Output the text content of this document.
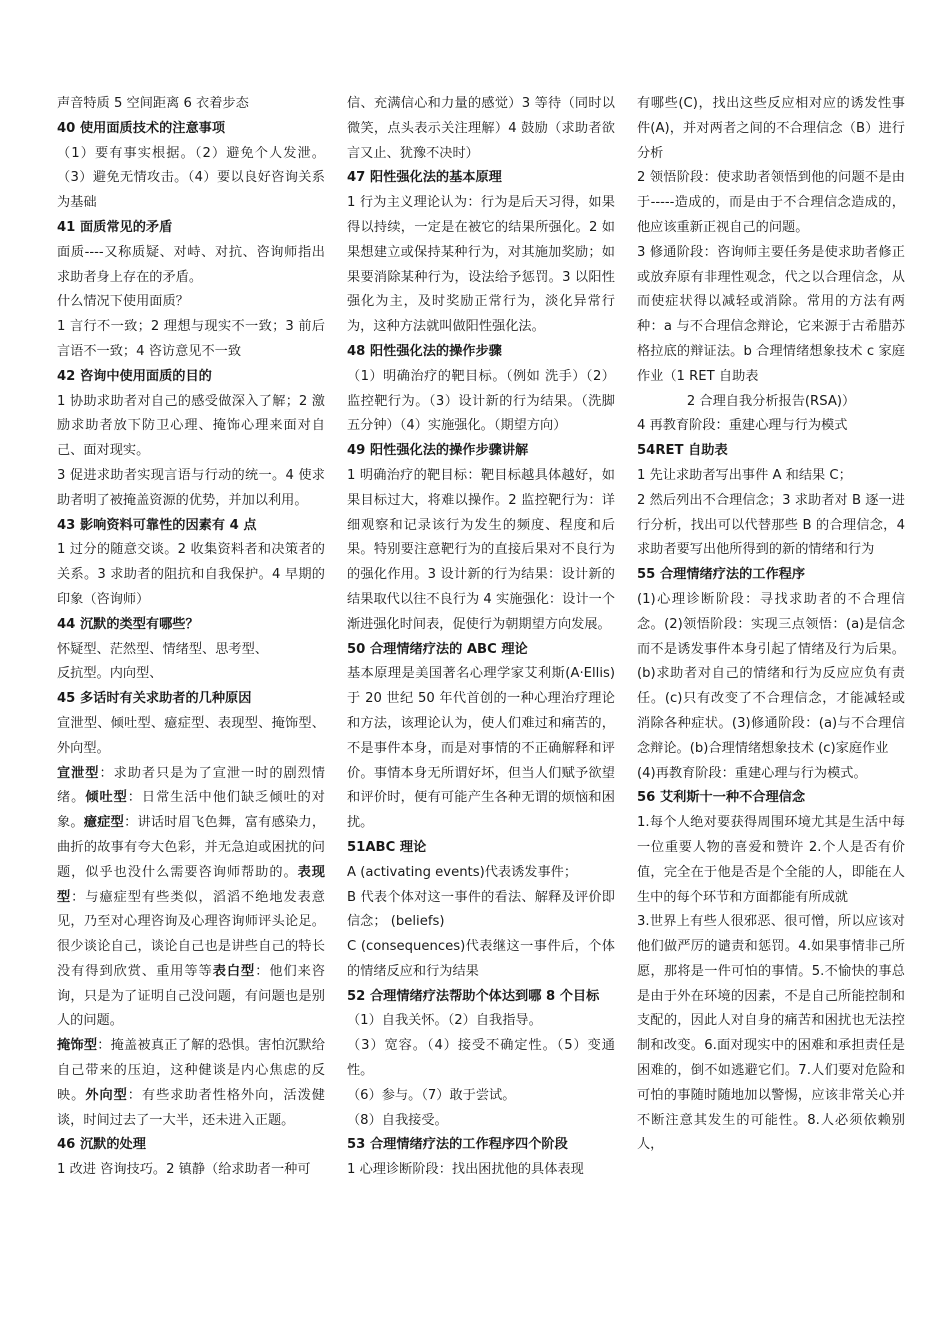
声音特质 5 空间距离 6 衣着步态

40 使用面质技术的注意事项

（1）要有事实根据。（2）避免个人发泄。（3）避免无情攻击。（4）要以良好咨询关系为基础

41 面质常见的矛盾

面质----又称质疑、对峙、对抗、咨询师指出求助者身上存在的矛盾。

什么情况下使用面质？

1 言行不一致；2 理想与现实不一致；3 前后言语不一致；4 咨访意见不一致

42 咨询中使用面质的目的

1 协助求助者对自己的感受做深入了解；2 激励求助者放下防卫心理、掩饰心理来面对自己、面对现实。

3 促进求助者实现言语与行动的统一。4 使求助者明了被掩盖资源的优势，并加以利用。

43 影响资料可靠性的因素有 4 点

1 过分的随意交谈。2 收集资料者和决策者的关系。3 求助者的阻抗和自我保护。4 早期的印象（咨询师）

44 沉默的类型有哪些？

怀疑型、茫然型、情绪型、思考型、

反抗型。内向型、

45 多话时有关求助者的几种原因

宣泄型、倾吐型、癔症型、表现型、掩饰型、外向型。

宣泄型：求助者只是为了宣泄一时的剧烈情绪。倾吐型：日常生活中他们缺乏倾吐的对象。癔症型：讲话时眉飞色舞，富有感染力，曲折的故事有夸大色彩，并无急迫或困扰的问题，似乎也没什么需要咨询师帮助的。表现型：与癔症型有些类似，滔滔不绝地发表意见，乃至对心理咨询及心理咨询师评头论足。很少谈论自己，谈论自己也是讲些自己的特长没有得到欣赏、重用等等表白型：他们来咨询，只是为了证明自己没问题，有问题也是别人的问题。

掩饰型：掩盖被真正了解的恐惧。害怕沉默给自己带来的压迫，这种健谈是内心焦虑的反映。外向型：有些求助者性格外向，活泼健谈，时间过去了一大半，还未进入正题。

46 沉默的处理

1 改进 咨询技巧。2 镇静（给求助者一种可

信、充满信心和力量的感觉）3 等待（同时以微笑，点头表示关注理解）4 鼓励（求助者欲言又止、犹豫不决时）

47 阳性强化法的基本原理

1 行为主义理论认为：行为是后天习得，如果得以持续，一定是在被它的结果所强化。2 如果想建立或保持某种行为，对其施加奖励；如果要消除某种行为，设法给予惩罚。3 以阳性强化为主，及时奖励正常行为，淡化异常行为，这种方法就叫做阳性强化法。

48 阳性强化法的操作步骤

（1）明确治疗的靶目标。（例如 洗手）（2）监控靶行为。（3）设计新的行为结果。（洗脚五分钟）（4）实施强化。（期望方向）

49 阳性强化法的操作步骤讲解

1 明确治疗的靶目标：靶目标越具体越好，如果目标过大，将难以操作。2 监控靶行为：详细观察和记录该行为发生的频度、程度和后果。特别要注意靶行为的直接后果对不良行为的强化作用。3 设计新的行为结果：设计新的结果取代以往不良行为 4 实施强化：设计一个渐进强化时间表，促使行为朝期望方向发展。

50 合理情绪疗法的 ABC 理论

基本原理是美国著名心理学家艾利斯(A·Ellis) 于 20 世纪 50 年代首创的一种心理治疗理论和方法，该理论认为，使人们难过和痛苦的，不是事件本身，而是对事情的不正确解释和评价。事情本身无所谓好坏，但当人们赋予欲望和评价时，便有可能产生各种无谓的烦恼和困扰。

51ABC 理论

A (activating events)代表诱发事件；

B 代表个体对这一事件的看法、解释及评价即信念； (beliefs)

C (consequences)代表继这一事件后，个体的情绪反应和行为结果

52 合理情绪疗法帮助个体达到哪 8 个目标

（1）自我关怀。（2）自我指导。

（3）宽容。（4）接受不确定性。（5）变通性。

（6）参与。（7）敢于尝试。

（8）自我接受。

53 合理情绪疗法的工作程序四个阶段

1 心理诊断阶段：找出困扰他的具体表现

有哪些(C)，找出这些反应相对应的诱发性事件(A)，并对两者之间的不合理信念（B）进行分析

2 领悟阶段：使求助者领悟到他的问题不是由于-----造成的，而是由于不合理信念造成的，他应该重新正视自己的问题。

3 修通阶段：咨询师主要任务是使求助者修正或放弃原有非理性观念，代之以合理信念，从而使症状得以减轻或消除。常用的方法有两种：a 与不合理信念辩论，它来源于古希腊苏格拉底的辩证法。b 合理情绪想象技术 c 家庭作业（1 RET 自助表

2 合理自我分析报告(RSA)）

4 再教育阶段：重建心理与行为模式

54RET 自助表

1 先让求助者写出事件 A 和结果 C；

2 然后列出不合理信念；3 求助者对 B 逐一进行分析，找出可以代替那些 B 的合理信念，4 求助者要写出他所得到的新的情绪和行为

55 合理情绪疗法的工作程序

(1)心理诊断阶段：寻找求助者的不合理信念。(2)领悟阶段：实现三点领悟：(a)是信念而不是诱发事件本身引起了情绪及行为后果。 (b)求助者对自己的情绪和行为反应应负有责任。(c)只有改变了不合理信念，才能减轻或消除各种症状。(3)修通阶段：(a)与不合理信念辩论。(b)合理情绪想象技术 (c)家庭作业

(4)再教育阶段：重建心理与行为模式。

56 艾利斯十一种不合理信念

1.每个人绝对要获得周围环境尤其是生活中每一位重要人物的喜爱和赞许 2.个人是否有价值，完全在于他是否是个全能的人，即能在人生中的每个环节和方面都能有所成就

3.世界上有些人很邪恶、很可憎，所以应该对他们做严厉的谴责和惩罚。4.如果事情非己所愿，那将是一件可怕的事情。5.不愉快的事总是由于外在环境的因素，不是自己所能控制和支配的，因此人对自身的痛苦和困扰也无法控制和改变。6.面对现实中的困难和承担责任是困难的，倒不如逃避它们。7.人们要对危险和可怕的事随时随地加以警惕，应该非常关心并不断注意其发生的可能性。8.人必须依赖别人，
